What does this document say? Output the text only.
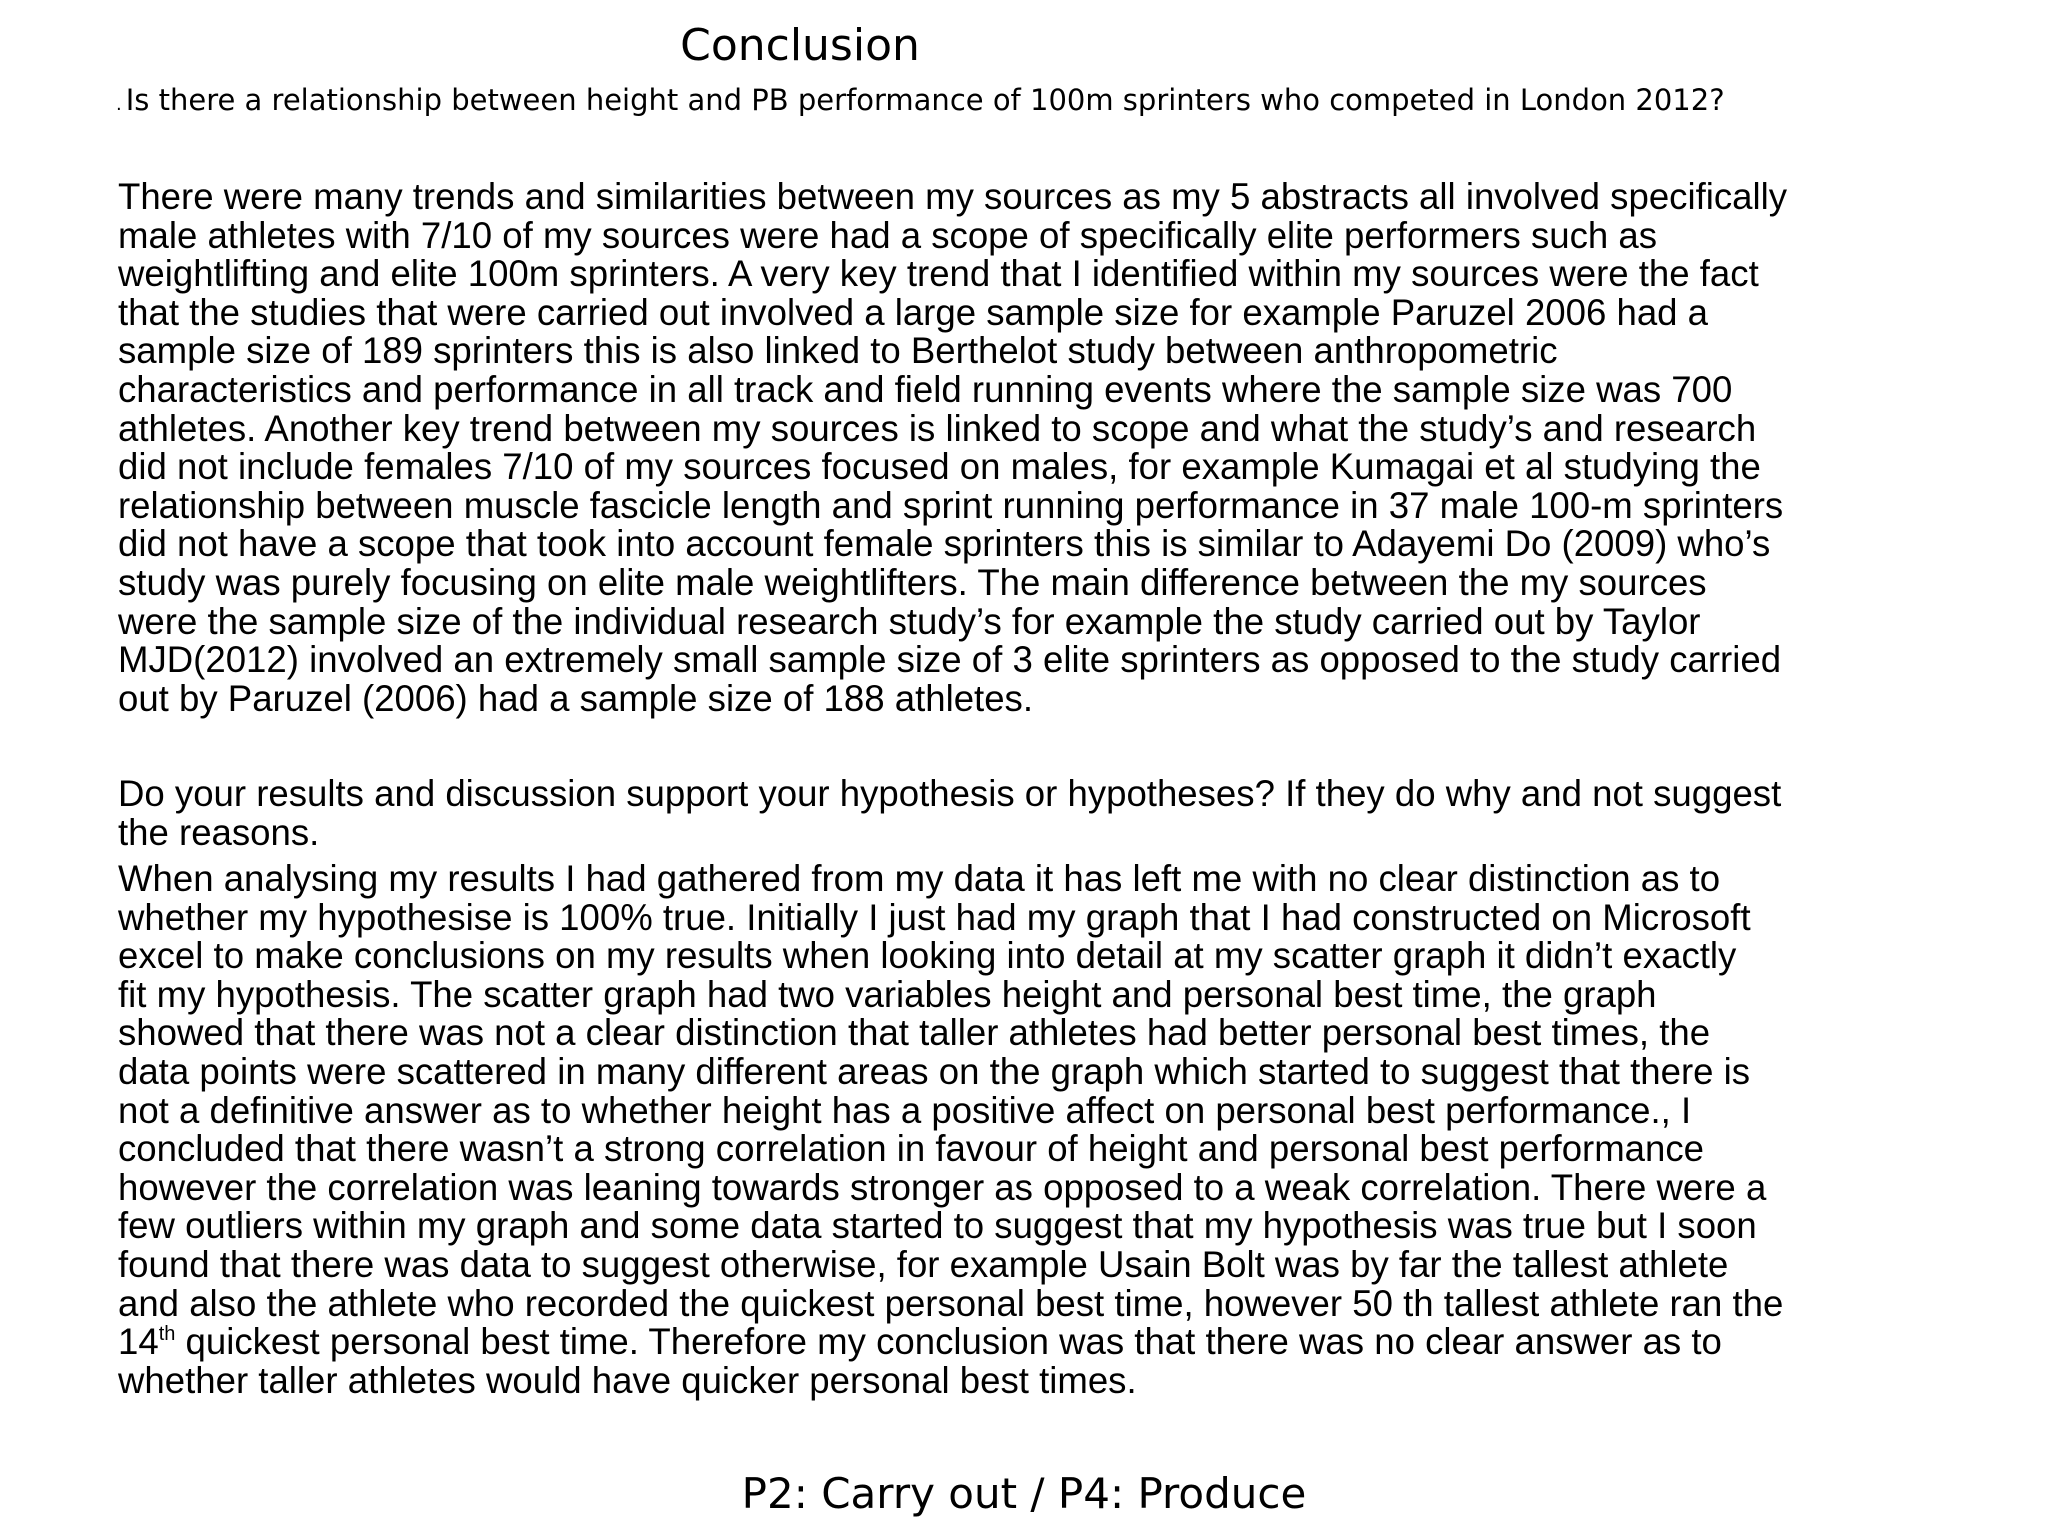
Conclusion
. Is there a relationship between height and PB performance of 100m sprinters who competed in London 2012?
There were many trends and similarities between my sources as my 5 abstracts all involved specifically
male athletes with 7/10 of my sources were had a scope of specifically elite performers such as
weightlifting and elite 100m sprinters. A very key trend that I identified within my sources were the fact
that the studies that were carried out involved a large sample size for example Paruzel 2006 had a
sample size of 189 sprinters this is also linked to Berthelot study between anthropometric
characteristics and performance in all track and field running events where the sample size was 700
athletes. Another key trend between my sources is linked to scope and what the study’s and research
did not include females 7/10 of my sources focused on males, for example Kumagai et al studying the
relationship between muscle fascicle length and sprint running performance in 37 male 100-m sprinters
did not have a scope that took into account female sprinters this is similar to Adayemi Do (2009) who’s
study was purely focusing on elite male weightlifters. The main difference between the my sources
were the sample size of the individual research study’s for example the study carried out by Taylor
MJD(2012) involved an extremely small sample size of 3 elite sprinters as opposed to the study carried
out by Paruzel (2006) had a sample size of 188 athletes.
Do your results and discussion support your hypothesis or hypotheses? If they do why and not suggest
the reasons.
When analysing my results I had gathered from my data it has left me with no clear distinction as to
whether my hypothesise is 100% true. Initially I just had my graph that I had constructed on Microsoft
excel to make conclusions on my results when looking into detail at my scatter graph it didn’t exactly
fit my hypothesis. The scatter graph had two variables height and personal best time, the graph
showed that there was not a clear distinction that taller athletes had better personal best times, the
data points were scattered in many different areas on the graph which started to suggest that there is
not a definitive answer as to whether height has a positive affect on personal best performance., I
concluded that there wasn’t a strong correlation in favour of height and personal best performance
however the correlation was leaning towards stronger as opposed to a weak correlation. There were a
few outliers within my graph and some data started to suggest that my hypothesis was true but I soon
found that there was data to suggest otherwise, for example Usain Bolt was by far the tallest athlete
and also the athlete who recorded the quickest personal best time, however 50 th tallest athlete ran the
14th quickest personal best time. Therefore my conclusion was that there was no clear answer as to
whether taller athletes would have quicker personal best times.
P2: Carry out / P4: Produce
